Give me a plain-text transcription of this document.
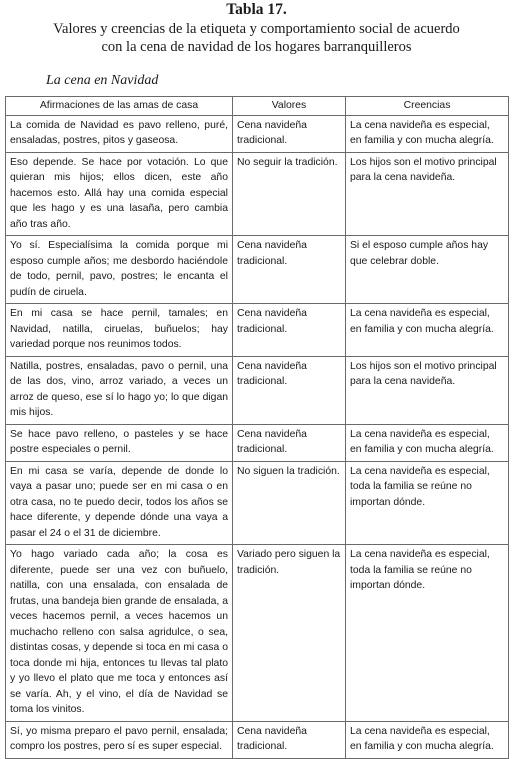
Tabla 17.
Valores y creencias de la etiqueta y comportamiento social de acuerdo
con la cena de navidad de los hogares barranquilleros
La cena en Navidad
Afirmaciones de las amas de casa	Valores	Creencias
La comida de Navidad es pavo relleno, puré, ensaladas, postres, pitos y gaseosa.	Cena navideña tradicional.	La cena navideña es especial, en familia y con mucha alegría.
Eso depende. Se hace por votación. Lo que quieran mis hijos; ellos dicen, este año hacemos esto. Allá hay una comida especial que les hago y es una lasaña, pero cambia año tras año.	No seguir la tradición.	Los hijos son el motivo principal para la cena navideña.
Yo sí. Especialísima la comida porque mi esposo cumple años; me desbordo haciéndole de todo, pernil, pavo, postres; le encanta el pudín de ciruela.	Cena navideña tradicional.	Si el esposo cumple años hay que celebrar doble.
En mi casa se hace pernil, tamales; en Navidad, natilla, ciruelas, buñuelos; hay variedad porque nos reunimos todos.	Cena navideña tradicional.	La cena navideña es especial, en familia y con mucha alegría.
Natilla, postres, ensaladas, pavo o pernil, una de las dos, vino, arroz variado, a veces un arroz de queso, ese sí lo hago yo; lo que digan mis hijos.	Cena navideña tradicional.	Los hijos son el motivo principal para la cena navideña.
Se hace pavo relleno, o pasteles y se hace postre especiales o pernil.	Cena navideña tradicional.	La cena navideña es especial, en familia y con mucha alegría.
En mi casa se varía, depende de donde lo vaya a pasar uno; puede ser en mi casa o en otra casa, no te puedo decir, todos los años se hace diferente, y depende dónde una vaya a pasar el 24 o el 31 de diciembre.	No siguen la tradición.	La cena navideña es especial, toda la familia se reúne no importan dónde.
Yo hago variado cada año; la cosa es diferente, puede ser una vez con buñuelo, natilla, con una ensalada, con ensalada de frutas, una bandeja bien grande de ensalada, a veces hacemos pernil, a veces hacemos un muchacho relleno con salsa agridulce, o sea, distintas cosas, y depende si toca en mi casa o toca donde mi hija, entonces tu llevas tal plato y yo llevo el plato que me toca y entonces así se varía. Ah, y el vino, el día de Navidad se toma los vinitos.	Variado pero siguen la tradición.	La cena navideña es especial, toda la familia se reúne no importan dónde.
Sí, yo misma preparo el pavo pernil, ensalada; compro los postres, pero sí es super especial.	Cena navideña tradicional.	La cena navideña es especial, en familia y con mucha alegría.
